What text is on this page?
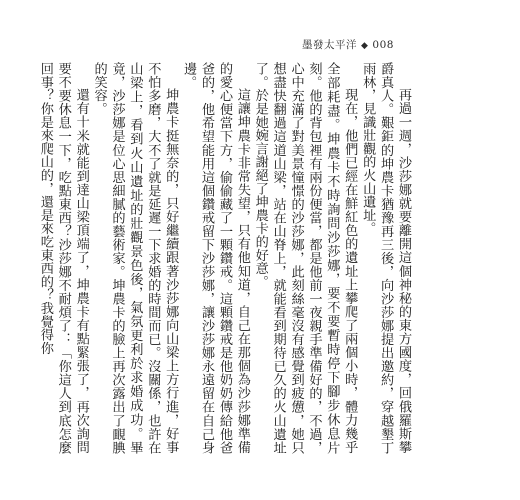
墨發太平洋 ◆ 008

再過一週，沙莎娜就要離開這個神秘的東方國度，回俄羅斯攀爵真人。艱鉅的坤農卡猶豫再三後，向沙莎娜提出邀約，穿越墾丁雨林，見識壯觀的火山遺址。

現在，他們已經在鮮紅色的遺址上攀爬了兩個小時，體力幾乎全部耗盡。坤農卡不時詢問沙莎娜，要不要暫時停下腳步休息片刻。他的背包裡有兩份便當，都是他前一夜親手準備好的，不過，心中充滿了對美景憧憬的沙莎娜，此刻絲毫沒有感覺到疲憊，她只想盡快翻過這道山梁，站在山脊上，就能看到期待已久的火山遺址了。於是她婉言謝絕了坤農卡的好意。

這讓坤農卡非常失望，只有他知道，自己在那個為沙莎娜準備的愛心便當下方，偷偷藏了一顆鑽戒。這顆鑽戒是他奶奶傳給他爸爸的，他希望能用這個鑽戒留下沙莎娜，讓沙莎娜永遠留在自己身邊。

坤農卡挺無奈的，只好繼續跟著沙莎娜向山梁上方行進，好事不怕多磨，大不了就是延遲一下求婚的時間而已。沒關係，也許在山梁上，看到火山遺址的壯觀景色後，氣氛更利於求婚成功。畢竟，沙莎娜是位心思細膩的藝術家。坤農卡的臉上再次露出了靦腆的笑容。

還有十米就能到達山梁頂端了，坤農卡有點緊張了，再次詢問要不要休息一下，吃點東西？沙莎娜不耐煩了：「你這人到底怎麼回事？你是來爬山的，還是來吃東西的？我覺得你
